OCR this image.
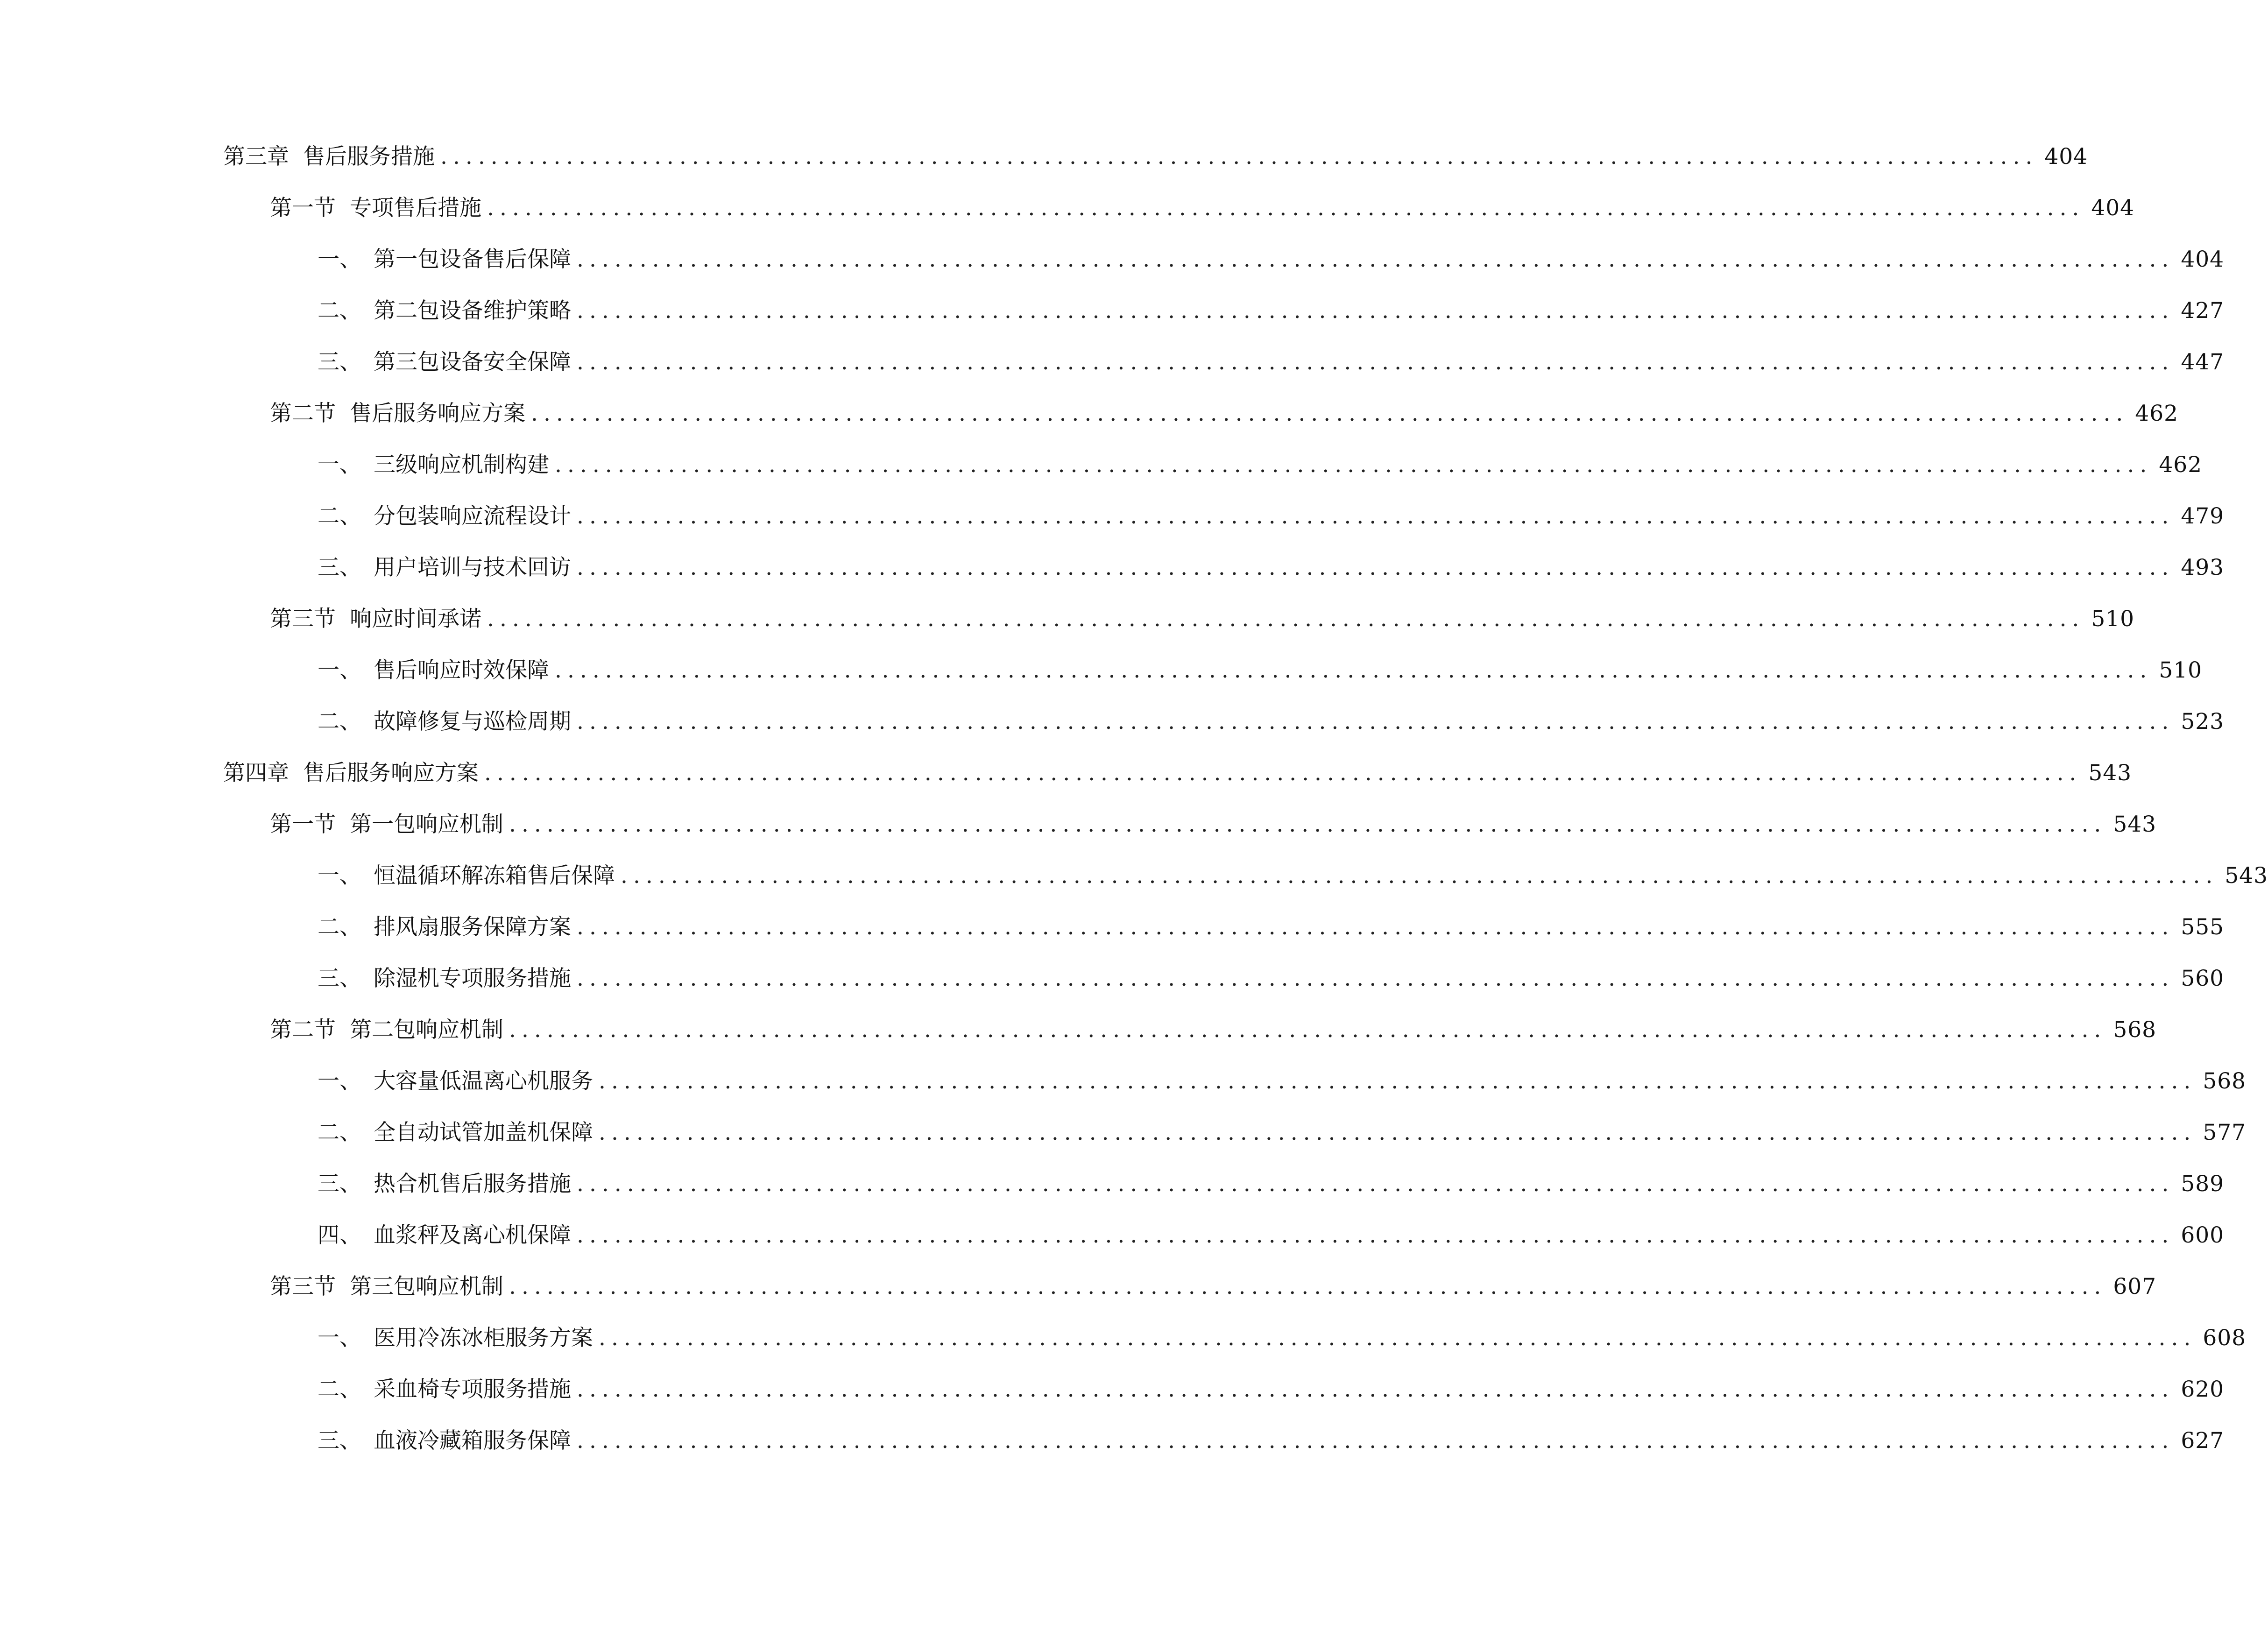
第三章 售后服务措施 ............................................................................................................................... 404
第一节 专项售后措施 ............................................................................................................................... 404
一、 第一包设备售后保障 ............................................................................................................................... 404
二、 第二包设备维护策略 ............................................................................................................................... 427
三、 第三包设备安全保障 ............................................................................................................................... 447
第二节 售后服务响应方案 ............................................................................................................................... 462
一、 三级响应机制构建 ............................................................................................................................... 462
二、 分包装响应流程设计 ............................................................................................................................... 479
三、 用户培训与技术回访 ............................................................................................................................... 493
第三节 响应时间承诺 ............................................................................................................................... 510
一、 售后响应时效保障 ............................................................................................................................... 510
二、 故障修复与巡检周期 ............................................................................................................................... 523
第四章 售后服务响应方案 ............................................................................................................................... 543
第一节 第一包响应机制 ............................................................................................................................... 543
一、 恒温循环解冻箱售后保障 ............................................................................................................................... 543
二、 排风扇服务保障方案 ............................................................................................................................... 555
三、 除湿机专项服务措施 ............................................................................................................................... 560
第二节 第二包响应机制 ............................................................................................................................... 568
一、 大容量低温离心机服务 ............................................................................................................................... 568
二、 全自动试管加盖机保障 ............................................................................................................................... 577
三、 热合机售后服务措施 ............................................................................................................................... 589
四、 血浆秤及离心机保障 ............................................................................................................................... 600
第三节 第三包响应机制 ............................................................................................................................... 607
一、 医用冷冻冰柜服务方案 ............................................................................................................................... 608
二、 采血椅专项服务措施 ............................................................................................................................... 620
三、 血液冷藏箱服务保障 ............................................................................................................................... 627
